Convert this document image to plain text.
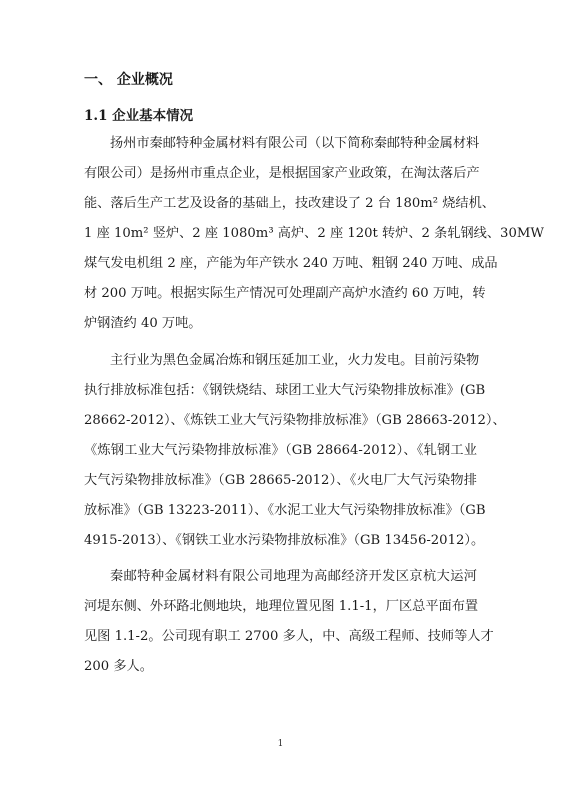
一、 企业概况
1.1 企业基本情况
扬州市秦邮特种金属材料有限公司（以下简称秦邮特种金属材料
有限公司）是扬州市重点企业，是根据国家产业政策，在淘汰落后产
能、落后生产工艺及设备的基础上，技改建设了 2 台 180m² 烧结机、
1 座 10m² 竖炉、2 座 1080m³ 高炉、2 座 120t 转炉、2 条轧钢线、30MW
煤气发电机组 2 座，产能为年产铁水 240 万吨、粗钢 240 万吨、成品
材 200 万吨。根据实际生产情况可处理副产高炉水渣约 60 万吨，转
炉钢渣约 40 万吨。
主行业为黑色金属冶炼和钢压延加工业，火力发电。目前污染物
执行排放标准包括：《钢铁烧结、球团工业大气污染物排放标准》(GB
28662-2012）、《炼铁工业大气污染物排放标准》（GB 28663-2012）、
《炼钢工业大气污染物排放标准》（GB 28664-2012）、《轧钢工业
大气污染物排放标准》（GB 28665-2012）、《火电厂大气污染物排
放标准》（GB 13223-2011）、《水泥工业大气污染物排放标准》（GB
4915-2013）、《钢铁工业水污染物排放标准》（GB 13456-2012）。
秦邮特种金属材料有限公司地理为高邮经济开发区京杭大运河
河堤东侧、外环路北侧地块，地理位置见图 1.1-1，厂区总平面布置
见图 1.1-2。公司现有职工 2700 多人，中、高级工程师、技师等人才
200 多人。
1
